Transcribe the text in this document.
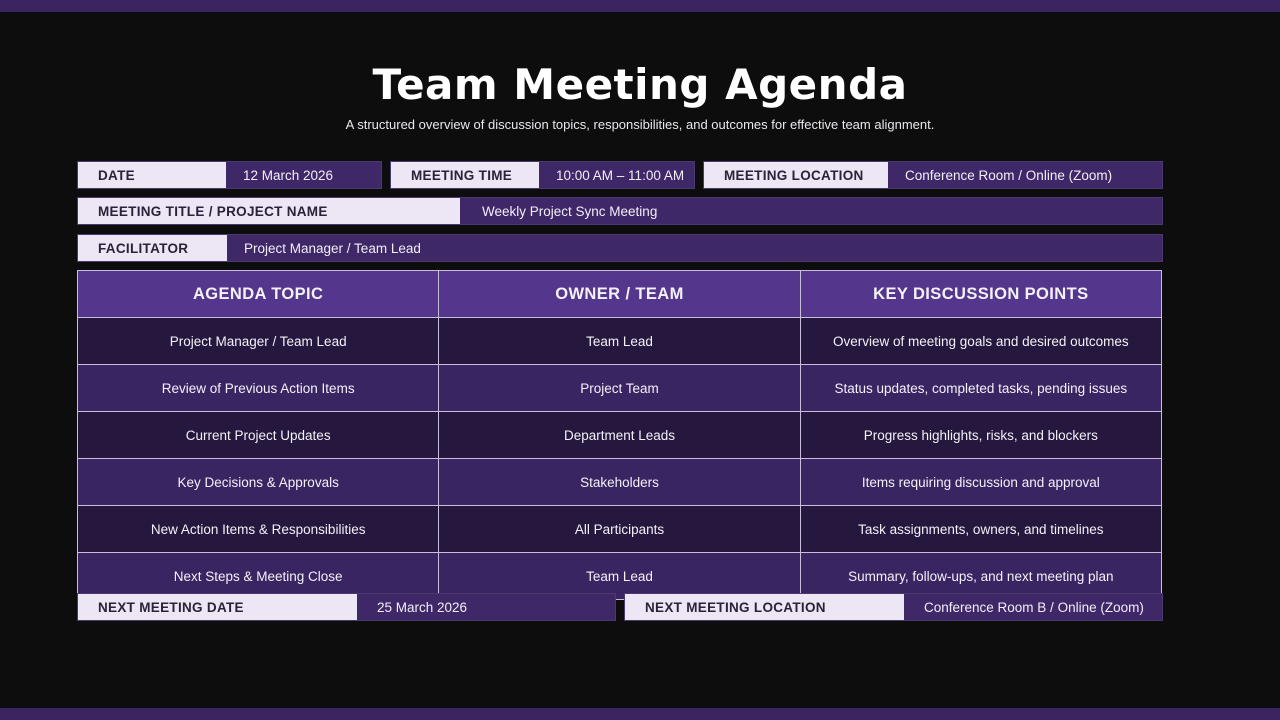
Team Meeting Agenda
A structured overview of discussion topics, responsibilities, and outcomes for effective team alignment.
DATE	12 March 2026	MEETING TIME	10:00 AM – 11:00 AM	MEETING LOCATION	Conference Room / Online (Zoom)
MEETING TITLE / PROJECT NAME	Weekly Project Sync Meeting
FACILITATOR	Project Manager / Team Lead
AGENDA TOPIC	OWNER / TEAM	KEY DISCUSSION POINTS
Project Manager / Team Lead	Team Lead	Overview of meeting goals and desired outcomes
Review of Previous Action Items	Project Team	Status updates, completed tasks, pending issues
Current Project Updates	Department Leads	Progress highlights, risks, and blockers
Key Decisions & Approvals	Stakeholders	Items requiring discussion and approval
New Action Items & Responsibilities	All Participants	Task assignments, owners, and timelines
Next Steps & Meeting Close	Team Lead	Summary, follow-ups, and next meeting plan
NEXT MEETING DATE	25 March 2026	NEXT MEETING LOCATION	Conference Room B / Online (Zoom)
